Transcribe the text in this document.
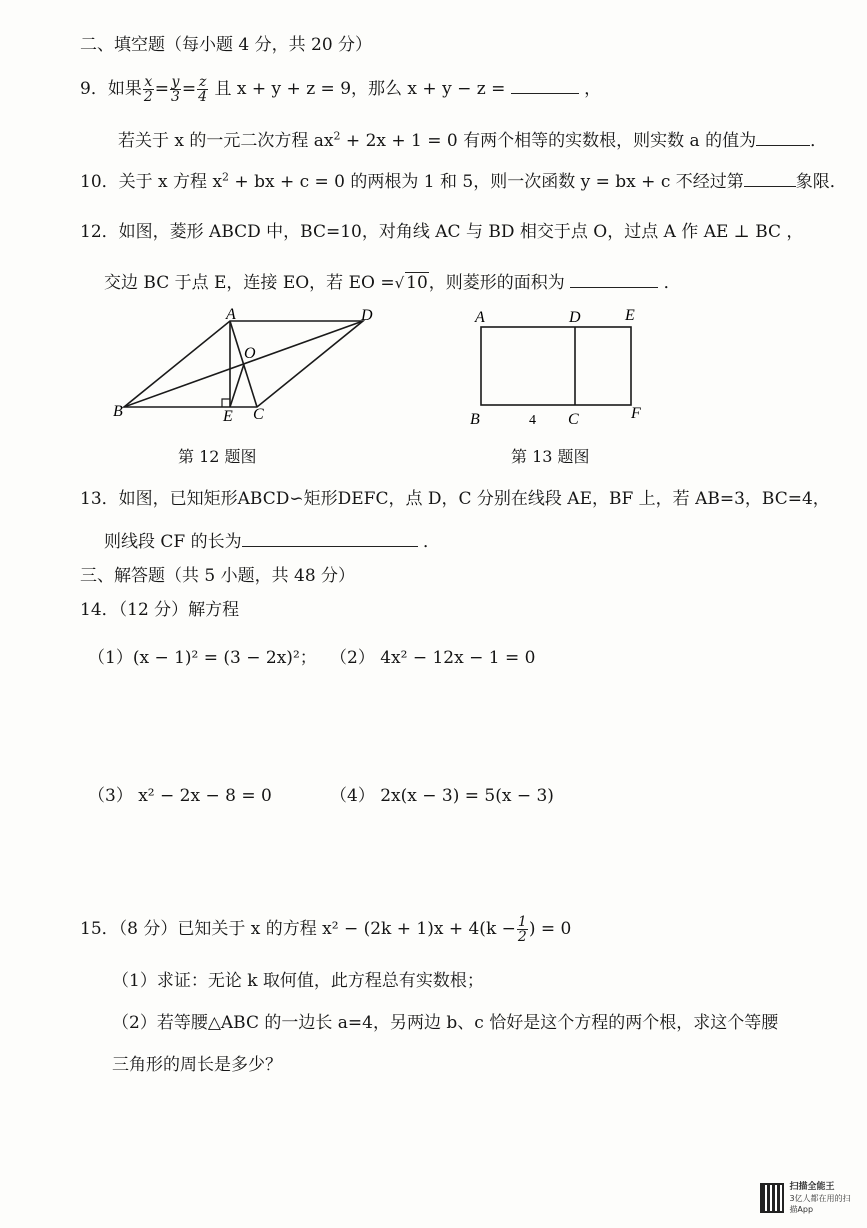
二、填空题（每小题 4 分，共 20 分）
9．如果 $\frac{x}{2} = \frac{y}{3} = \frac{z}{4}$ 且 x + y + z = 9，那么 x + y − z =	，
若关于 x 的一元二次方程 $ax^2 + 2x + 1 = 0$ 有两个相等的实数根，则实数 a 的值为	．
10．关于 x 方程 $x^2$ + bx + c = 0 的两根为 1 和 5，则一次函数 y = bx + c 不经过第	象限．
12．如图，菱形 ABCD 中，BC=10，对角线 AC 与 BD 相交于点 O，过点 A 作 AE ⊥ BC ，
交边 BC 于点 E，连接 EO，若 EO =√ 10，则菱形的面积为	．
A	D
O
B	E C
第 12 题图
A	D	E
B	4 C	F
第 13 题图
13．如图，已知矩形ABCD∽矩形DEFC，点 D，C 分别在线段 AE，BF 上，若 AB=3，BC=4，
则线段 CF 的长为	．
三、解答题（共 5 小题，共 48 分）
14．（12 分）解方程
（1）(x − 1)² = (3 − 2x)²； （2） 4x² − 12x − 1 = 0
（3） x² − 2x − 8 = 0	（4） 2x(x − 3) = 5(x − 3)
15．（8 分）已知关于 x 的方程 $x^2 - (2k + 1)x + 4(k - \frac{1}{2}$ ) = 0
（1）求证：无论 k 取何值，此方程总有实数根；
（2）若等腰△ABC 的一边长 a=4，另两边 b、c 恰好是这个方程的两个根，求这个等腰
三角形的周长是多少？
扫描全能王
3亿人都在用的扫描App
